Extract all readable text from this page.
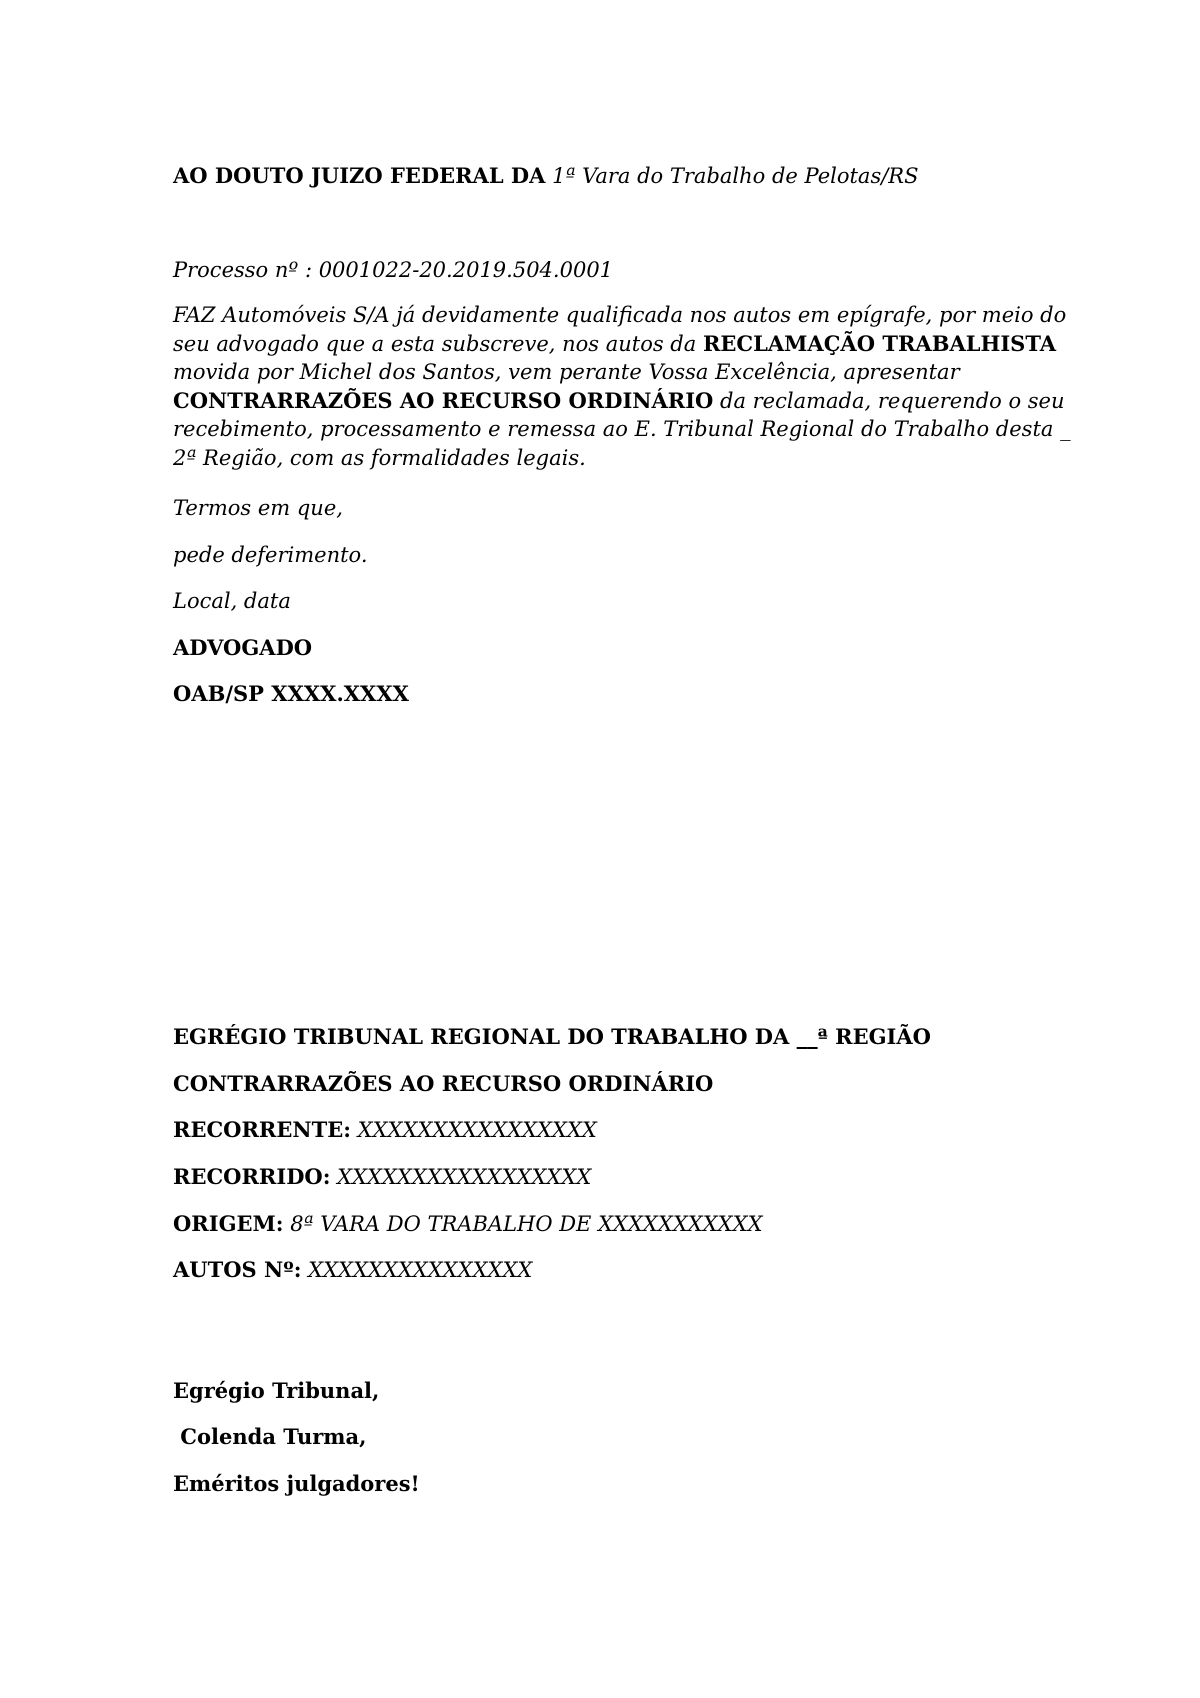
AO DOUTO JUIZO FEDERAL DA 1ª Vara do Trabalho de Pelotas/RS

Processo nº : 0001022-20.2019.504.0001

FAZ Automóveis S/A já devidamente qualificada nos autos em epígrafe, por meio do
seu advogado que a esta subscreve, nos autos da RECLAMAÇÃO TRABALHISTA
movida por Michel dos Santos, vem perante Vossa Excelência, apresentar
CONTRARRAZÕES AO RECURSO ORDINÁRIO da reclamada, requerendo o seu
recebimento, processamento e remessa ao E. Tribunal Regional do Trabalho desta _
2ª Região, com as formalidades legais.

Termos em que,

pede deferimento.

Local, data

ADVOGADO

OAB/SP XXXX.XXXX

EGRÉGIO TRIBUNAL REGIONAL DO TRABALHO DA __ª REGIÃO

CONTRARRAZÕES AO RECURSO ORDINÁRIO

RECORRENTE: XXXXXXXXXXXXXXXX

RECORRIDO: XXXXXXXXXXXXXXXXX

ORIGEM: 8ª VARA DO TRABALHO DE XXXXXXXXXXX

AUTOS Nº: XXXXXXXXXXXXXXX

Egrégio Tribunal,

Colenda Turma,

Eméritos julgadores!
